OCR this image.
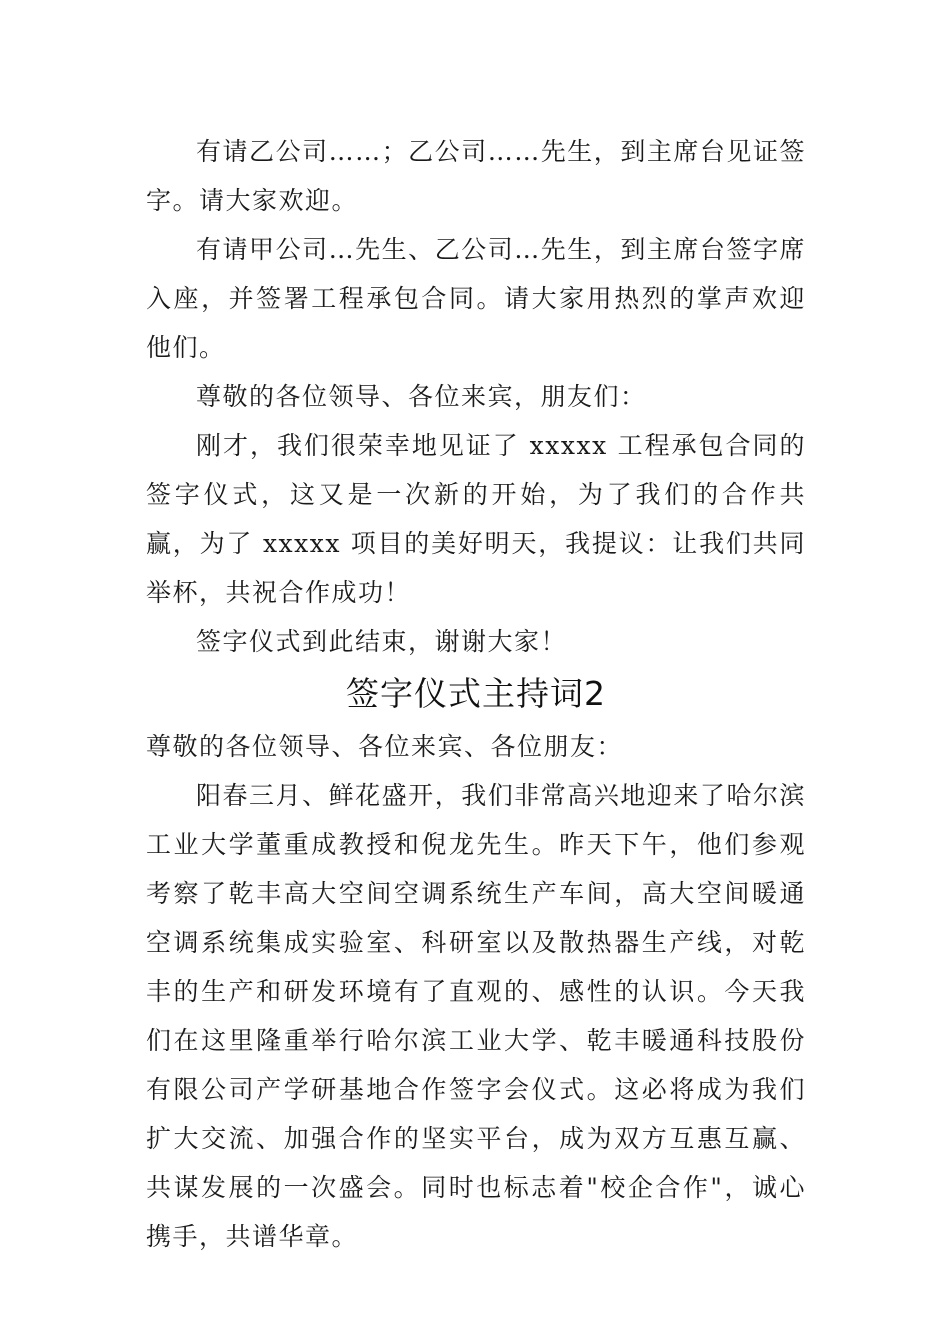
有请乙公司……；乙公司……先生，到主席台见证签字。请大家欢迎。

有请甲公司…先生、乙公司…先生，到主席台签字席入座，并签署工程承包合同。请大家用热烈的掌声欢迎他们。

尊敬的各位领导、各位来宾，朋友们：

刚才，我们很荣幸地见证了 xxxxx 工程承包合同的签字仪式，这又是一次新的开始，为了我们的合作共赢，为了 xxxxx 项目的美好明天，我提议：让我们共同举杯，共祝合作成功！

签字仪式到此结束，谢谢大家！

签字仪式主持词2

尊敬的各位领导、各位来宾、各位朋友：

阳春三月、鲜花盛开，我们非常高兴地迎来了哈尔滨工业大学董重成教授和倪龙先生。昨天下午，他们参观考察了乾丰高大空间空调系统生产车间，高大空间暖通空调系统集成实验室、科研室以及散热器生产线，对乾丰的生产和研发环境有了直观的、感性的认识。今天我们在这里隆重举行哈尔滨工业大学、乾丰暖通科技股份有限公司产学研基地合作签字会仪式。这必将成为我们扩大交流、加强合作的坚实平台，成为双方互惠互赢、共谋发展的一次盛会。同时也标志着"校企合作"，诚心携手，共谱华章。
